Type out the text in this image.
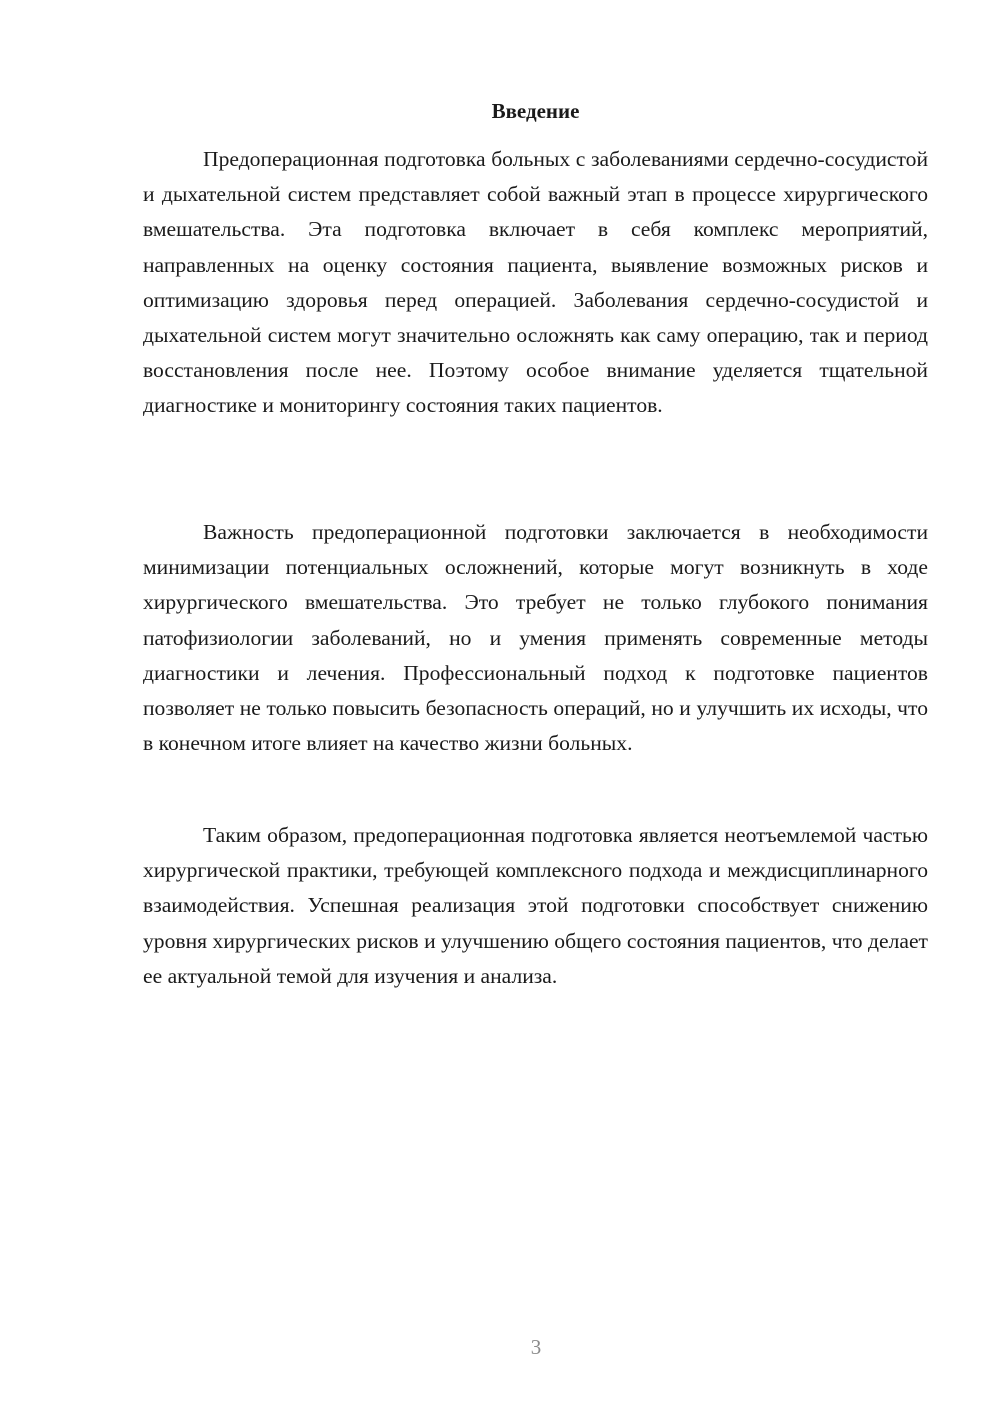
Введение

Предоперационная подготовка больных с заболеваниями сердечно-сосудистой и дыхательной систем представляет собой важный этап в процессе хирургического вмешательства. Эта подготовка включает в себя комплекс мероприятий, направленных на оценку состояния пациента, выявление возможных рисков и оптимизацию здоровья перед операцией. Заболевания сердечно-сосудистой и дыхательной систем могут значительно осложнять как саму операцию, так и период восстановления после нее. Поэтому особое внимание уделяется тщательной диагностике и мониторингу состояния таких пациентов.

Важность предоперационной подготовки заключается в необходимости минимизации потенциальных осложнений, которые могут возникнуть в ходе хирургического вмешательства. Это требует не только глубокого понимания патофизиологии заболеваний, но и умения применять современные методы диагностики и лечения. Профессиональный подход к подготовке пациентов позволяет не только повысить безопасность операций, но и улучшить их исходы, что в конечном итоге влияет на качество жизни больных.

Таким образом, предоперационная подготовка является неотъемлемой частью хирургической практики, требующей комплексного подхода и междисциплинарного взаимодействия. Успешная реализация этой подготовки способствует снижению уровня хирургических рисков и улучшению общего состояния пациентов, что делает ее актуальной темой для изучения и анализа.

3
